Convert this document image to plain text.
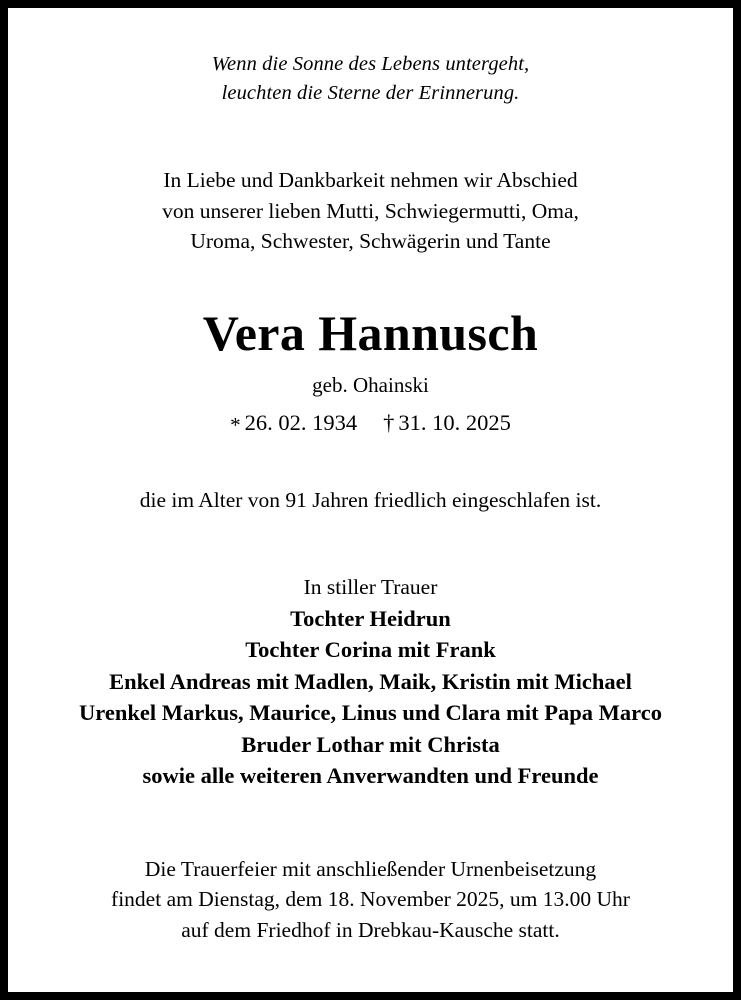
Wenn die Sonne des Lebens untergeht,
leuchten die Sterne der Erinnerung.
In Liebe und Dankbarkeit nehmen wir Abschied
von unserer lieben Mutti, Schwiegermutti, Oma,
Uroma, Schwester, Schwägerin und Tante
Vera Hannusch
geb. Ohainski
* 26. 02. 1934 † 31. 10. 2025
die im Alter von 91 Jahren friedlich eingeschlafen ist.
In stiller Trauer
Tochter Heidrun
Tochter Corina mit Frank
Enkel Andreas mit Madlen, Maik, Kristin mit Michael
Urenkel Markus, Maurice, Linus und Clara mit Papa Marco
Bruder Lothar mit Christa
sowie alle weiteren Anverwandten und Freunde
Die Trauerfeier mit anschließender Urnenbeisetzung
findet am Dienstag, dem 18. November 2025, um 13.00 Uhr
auf dem Friedhof in Drebkau-Kausche statt.
